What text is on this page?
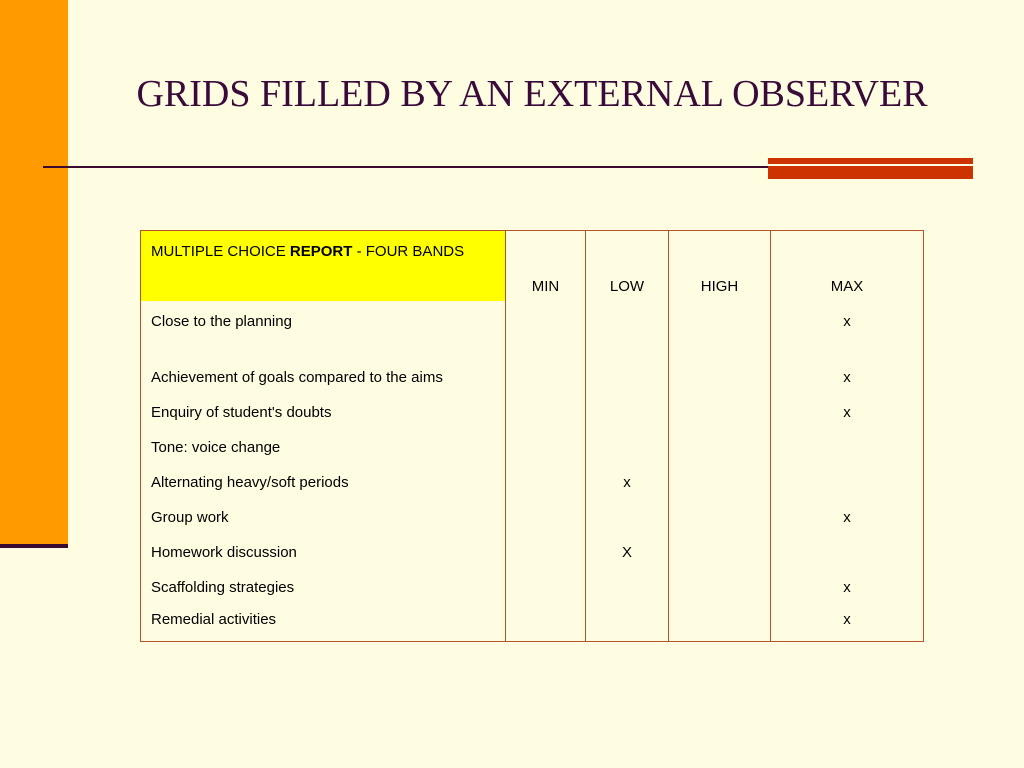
GRIDS FILLED BY AN EXTERNAL OBSERVER
MULTIPLE CHOICE REPORT - FOUR BANDS	MIN	LOW	HIGH	MAX
Close to the planning				x
Achievement of goals compared to the aims				x
Enquiry of student's doubts				x
Tone: voice change				
Alternating heavy/soft periods		x		
Group work				x
Homework discussion		X		
Scaffolding strategies				x
Remedial activities				x
